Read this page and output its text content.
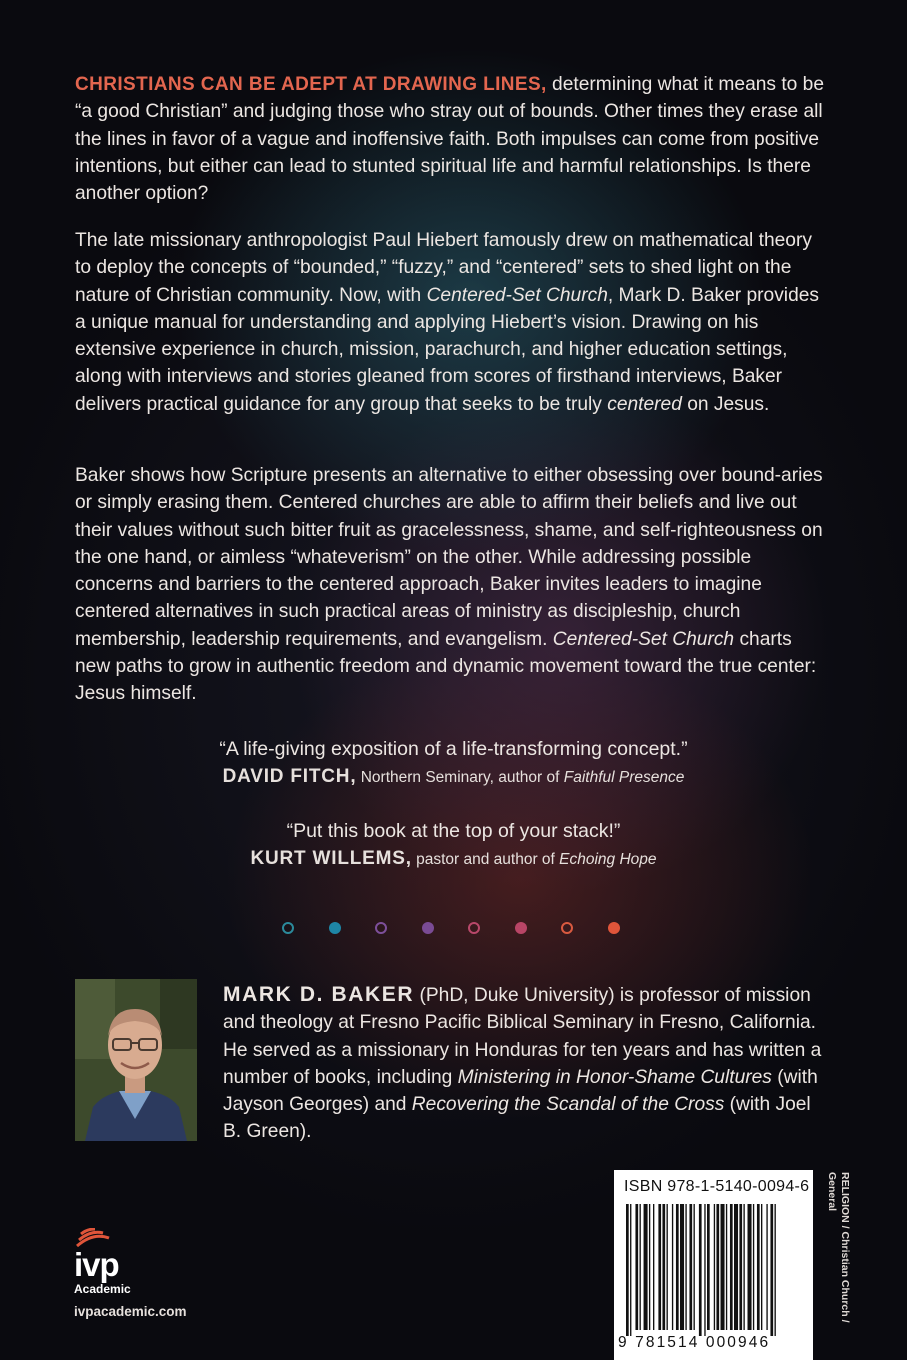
CHRISTIANS CAN BE ADEPT AT DRAWING LINES, determining what it means to be “a good Christian” and judging those who stray out of bounds. Other times they erase all the lines in favor of a vague and inoffensive faith. Both impulses can come from positive intentions, but either can lead to stunted spiritual life and harmful relationships. Is there another option?

The late missionary anthropologist Paul Hiebert famously drew on mathematical theory to deploy the concepts of “bounded,” “fuzzy,” and “centered” sets to shed light on the nature of Christian community. Now, with Centered-Set Church, Mark D. Baker provides a unique manual for understanding and applying Hiebert’s vision. Drawing on his extensive experience in church, mission, parachurch, and higher education settings, along with interviews and stories gleaned from scores of firsthand interviews, Baker delivers practical guidance for any group that seeks to be truly centered on Jesus.

Baker shows how Scripture presents an alternative to either obsessing over bound-aries or simply erasing them. Centered churches are able to affirm their beliefs and live out their values without such bitter fruit as gracelessness, shame, and self-righteousness on the one hand, or aimless “whateverism” on the other. While addressing possible concerns and barriers to the centered approach, Baker invites leaders to imagine centered alternatives in such practical areas of ministry as discipleship, church membership, leadership requirements, and evangelism. Centered-Set Church charts new paths to grow in authentic freedom and dynamic movement toward the true center: Jesus himself.

“A life-giving exposition of a life-transforming concept.”
DAVID FITCH, Northern Seminary, author of Faithful Presence
“Put this book at the top of your stack!”
KURT WILLEMS, pastor and author of Echoing Hope

MARK D. BAKER (PhD, Duke University) is professor of mission and theology at Fresno Pacific Biblical Seminary in Fresno, California. He served as a missionary in Honduras for ten years and has written a number of books, including Ministering in Honor-Shame Cultures (with Jayson Georges) and Recovering the Scandal of the Cross (with Joel B. Green).

ivp
Academic
ivpacademic.com
ISBN 978-1-5140-0094-6
9 781514 000946
RELIGION / Christian Church / General
